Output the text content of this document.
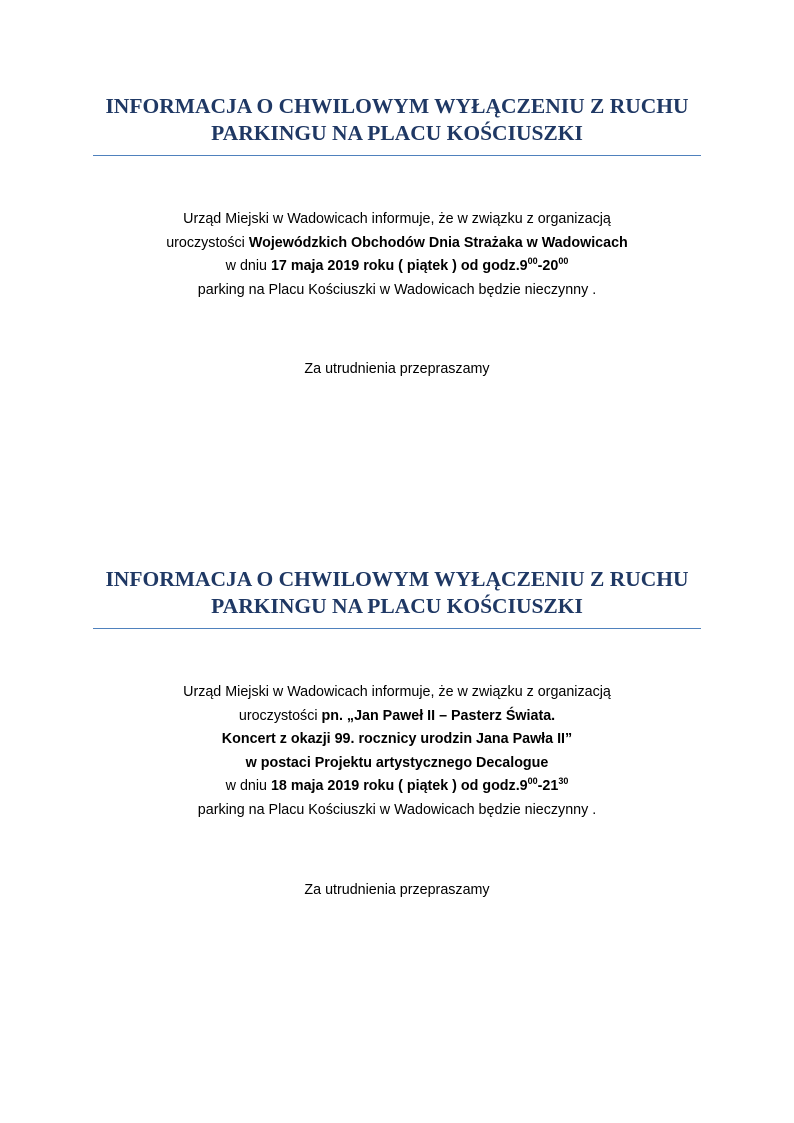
INFORMACJA O CHWILOWYM WYŁĄCZENIU Z RUCHU
PARKINGU NA PLACU KOŚCIUSZKI
Urząd Miejski w Wadowicach informuje, że w związku z organizacją
uroczystości Wojewódzkich Obchodów Dnia Strażaka w Wadowicach
w dniu 17 maja 2019 roku ( piątek ) od $godz.9^{00}-20^{00}$
parking na Placu Kościuszki w Wadowicach będzie nieczynny .
Za utrudnienia przepraszamy
INFORMACJA O CHWILOWYM WYŁĄCZENIU Z RUCHU
PARKINGU NA PLACU KOŚCIUSZKI
Urząd Miejski w Wadowicach informuje, że w związku z organizacją
uroczystości pn. „Jan Paweł II – Pasterz Świata.
Koncert z okazji 99. rocznicy urodzin Jana Pawła II”
w postaci Projektu artystycznego Decalogue
w dniu 18 maja 2019 roku ( piątek ) od $godz.9^{00}-21^{30}$
parking na Placu Kościuszki w Wadowicach będzie nieczynny .
Za utrudnienia przepraszamy
